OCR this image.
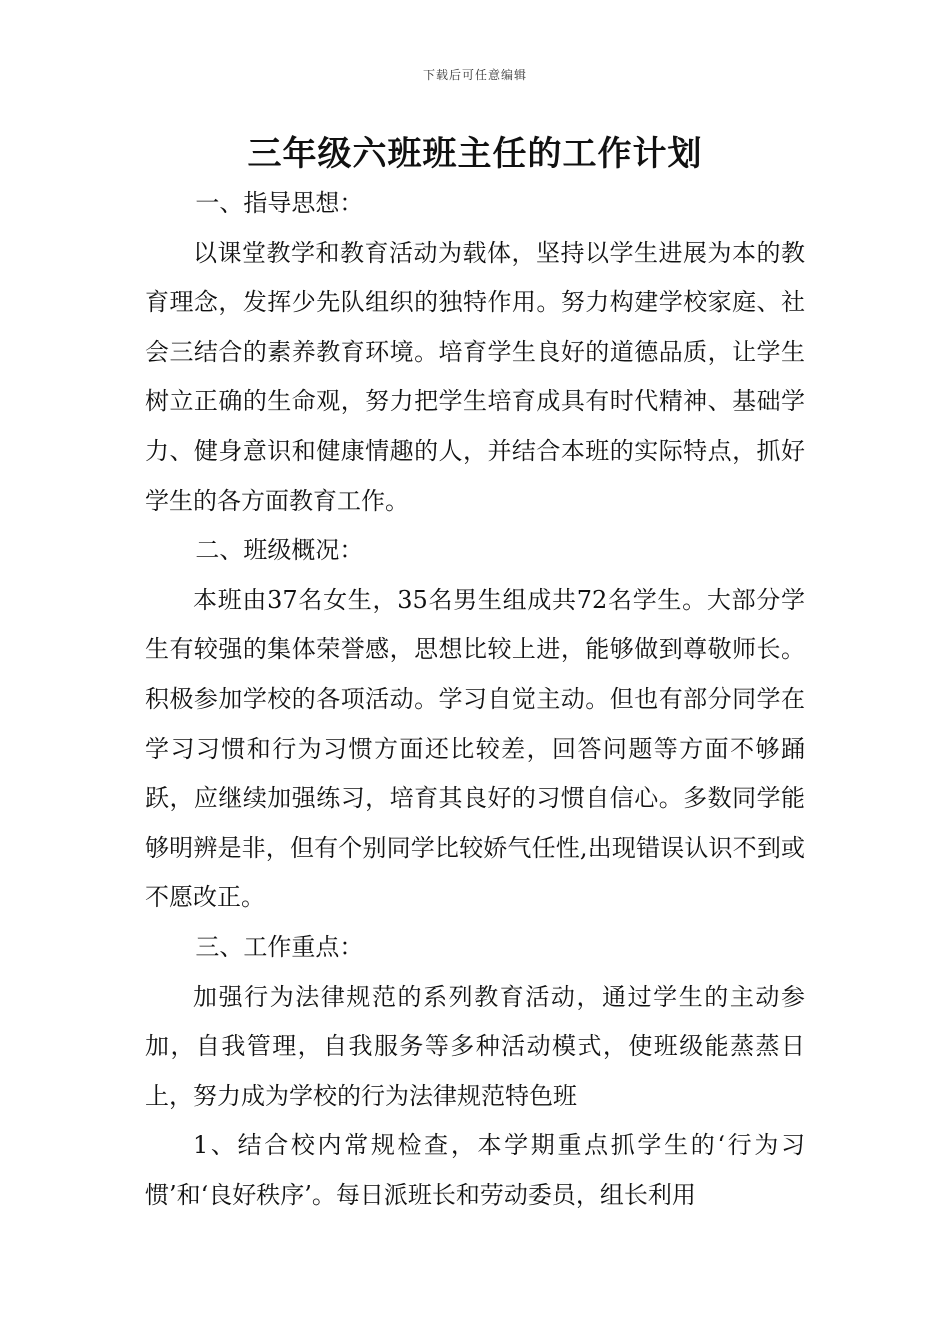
下载后可任意编辑
三年级六班班主任的工作计划

一、指导思想：

以课堂教学和教育活动为载体，坚持以学生进展为本的教育理念，发挥少先队组织的独特作用。努力构建学校家庭、社会三结合的素养教育环境。培育学生良好的道德品质，让学生树立正确的生命观，努力把学生培育成具有时代精神、基础学力、健身意识和健康情趣的人，并结合本班的实际特点，抓好学生的各方面教育工作。

二、班级概况：

本班由37名女生，35名男生组成共72名学生。大部分学生有较强的集体荣誉感，思想比较上进，能够做到尊敬师长。积极参加学校的各项活动。学习自觉主动。但也有部分同学在学习习惯和行为习惯方面还比较差，回答问题等方面不够踊跃，应继续加强练习，培育其良好的习惯自信心。多数同学能够明辨是非，但有个别同学比较娇气任性,出现错误认识不到或不愿改正。

三、工作重点：

加强行为法律规范的系列教育活动，通过学生的主动参加，自我管理，自我服务等多种活动模式，使班级能蒸蒸日上，努力成为学校的行为法律规范特色班

1、结合校内常规检查，本学期重点抓学生的‘行为习惯’和‘良好秩序’。每日派班长和劳动委员，组长利用
